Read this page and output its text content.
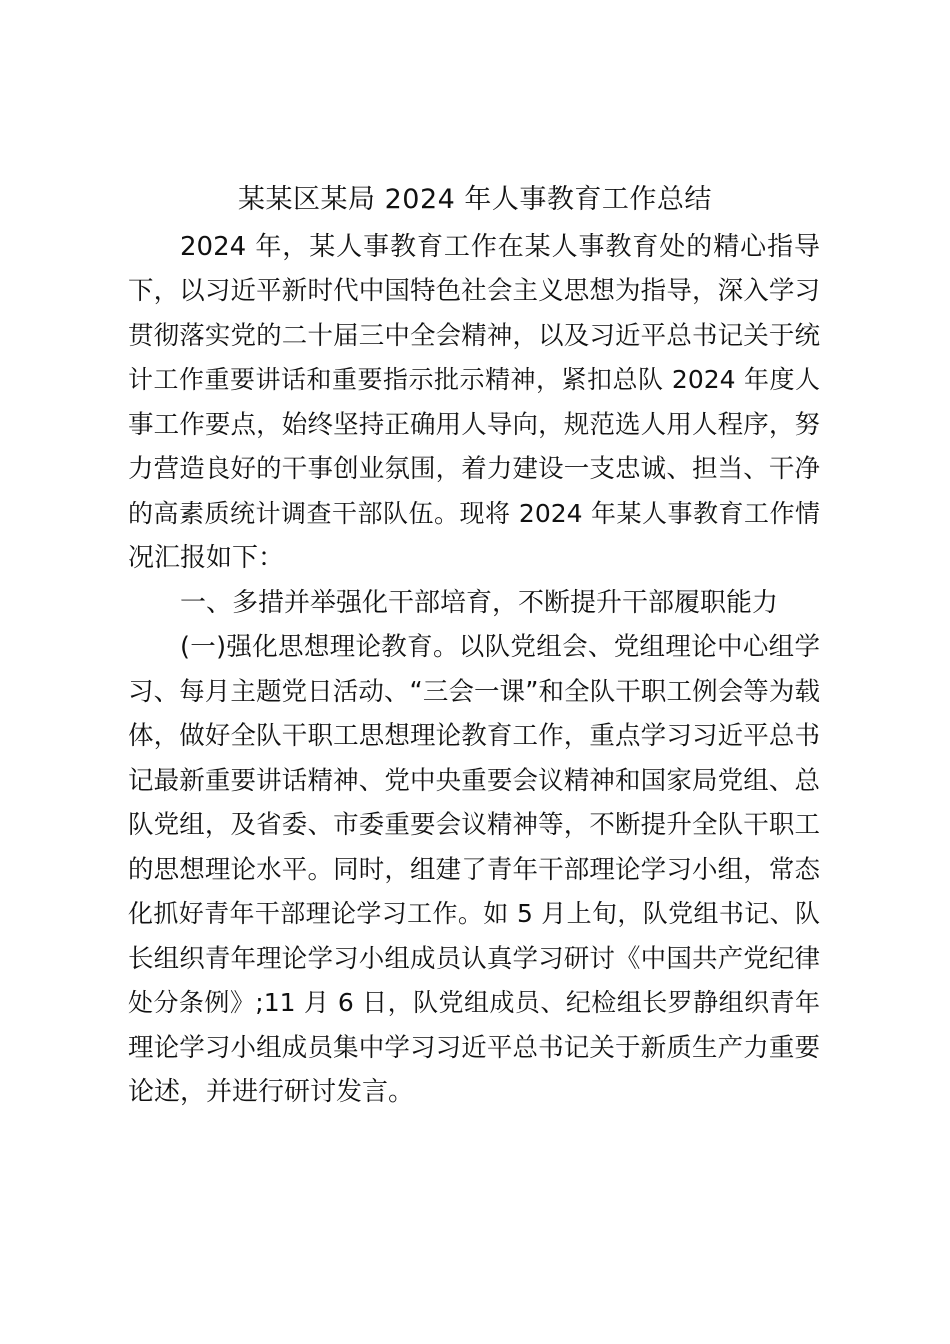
某某区某局 2024 年人事教育工作总结
2024 年，某人事教育工作在某人事教育处的精心指导
下，以习近平新时代中国特色社会主义思想为指导，深入学习
贯彻落实党的二十届三中全会精神，以及习近平总书记关于统
计工作重要讲话和重要指示批示精神，紧扣总队 2024 年度人
事工作要点，始终坚持正确用人导向，规范选人用人程序，努
力营造良好的干事创业氛围，着力建设一支忠诚、担当、干净
的高素质统计调查干部队伍。现将 2024 年某人事教育工作情
况汇报如下：
一、多措并举强化干部培育，不断提升干部履职能力
(一)强化思想理论教育。以队党组会、党组理论中心组学
习、每月主题党日活动、“三会一课”和全队干职工例会等为载
体，做好全队干职工思想理论教育工作，重点学习习近平总书
记最新重要讲话精神、党中央重要会议精神和国家局党组、总
队党组，及省委、市委重要会议精神等，不断提升全队干职工
的思想理论水平。同时，组建了青年干部理论学习小组，常态
化抓好青年干部理论学习工作。如 5 月上旬，队党组书记、队
长组织青年理论学习小组成员认真学习研讨《中国共产党纪律
处分条例》;11 月 6 日，队党组成员、纪检组长罗静组织青年
理论学习小组成员集中学习习近平总书记关于新质生产力重要
论述，并进行研讨发言。
